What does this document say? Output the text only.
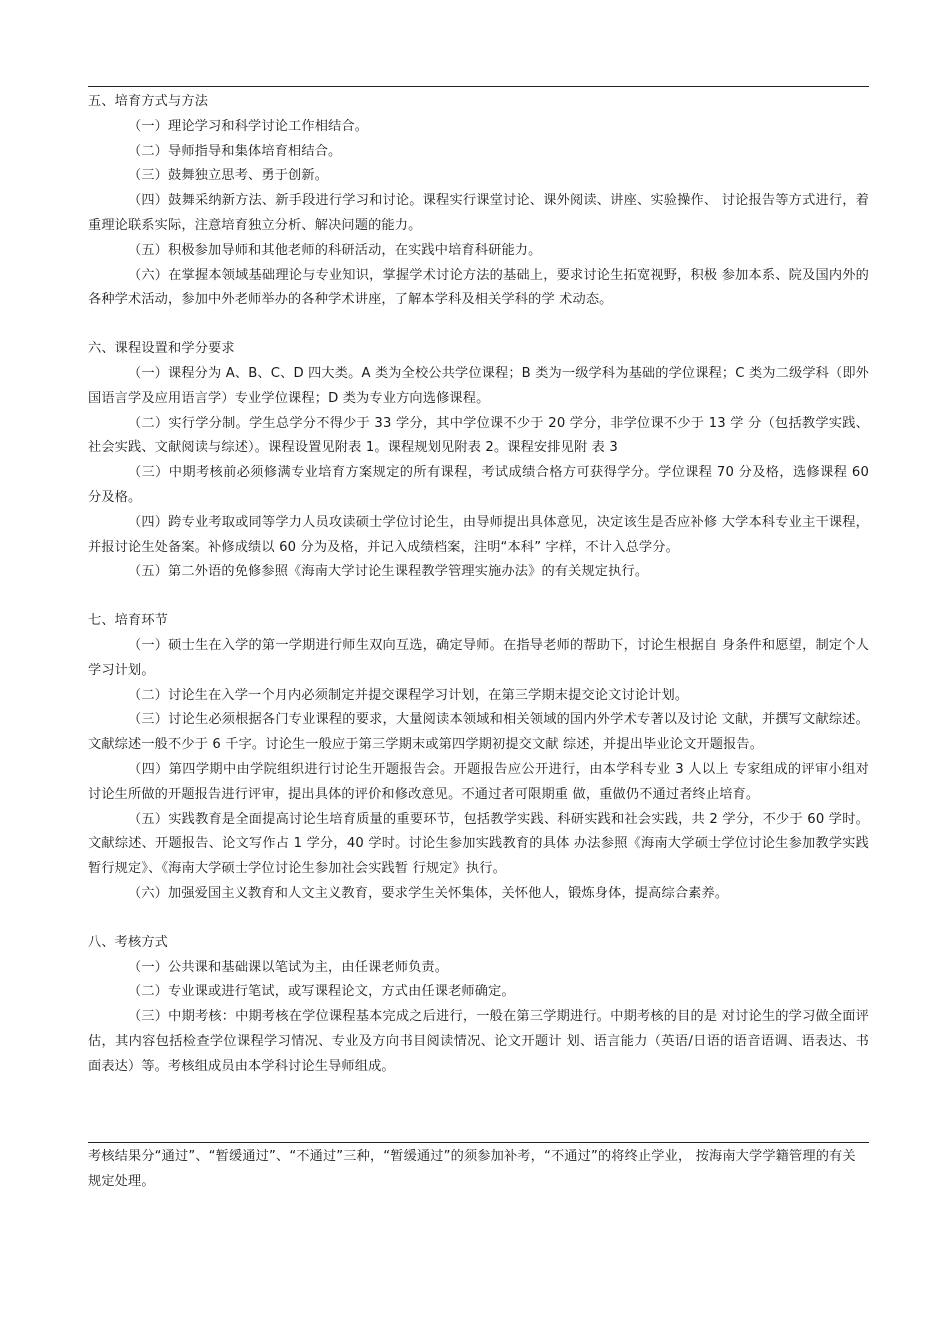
五、培育方式与方法

（一）理论学习和科学讨论工作相结合。

（二）导师指导和集体培育相结合。

（三）鼓舞独立思考、勇于创新。

（四）鼓舞采纳新方法、新手段进行学习和讨论。课程实行课堂讨论、课外阅读、讲座、实验操作、 讨论报告等方式进行，着重理论联系实际，注意培育独立分析、解决问题的能力。

（五）积极参加导师和其他老师的科研活动，在实践中培育科研能力。

（六）在掌握本领域基础理论与专业知识，掌握学术讨论方法的基础上，要求讨论生拓宽视野，积极 参加本系、院及国内外的各种学术活动，参加中外老师举办的各种学术讲座，了解本学科及相关学科的学 术动态。

六、课程设置和学分要求

（一）课程分为 A、B、C、D 四大类。A 类为全校公共学位课程；B 类为一级学科为基础的学位课程；C 类为二级学科（即外国语言学及应用语言学）专业学位课程；D 类为专业方向选修课程。

（二）实行学分制。学生总学分不得少于 33 学分，其中学位课不少于 20 学分，非学位课不少于 13 学 分（包括教学实践、社会实践、文献阅读与综述）。课程设置见附表 1。课程规划见附表 2。课程安排见附 表 3

（三）中期考核前必须修满专业培育方案规定的所有课程，考试成绩合格方可获得学分。学位课程 70 分及格，选修课程 60 分及格。

（四）跨专业考取或同等学力人员攻读硕士学位讨论生，由导师提出具体意见，决定该生是否应补修 大学本科专业主干课程，并报讨论生处备案。补修成绩以 60 分为及格，并记入成绩档案，注明“本科” 字样，不计入总学分。

（五）第二外语的免修参照《海南大学讨论生课程教学管理实施办法》的有关规定执行。

七、培育环节

（一）硕士生在入学的第一学期进行师生双向互选，确定导师。在指导老师的帮助下，讨论生根据自 身条件和愿望，制定个人学习计划。

（二）讨论生在入学一个月内必须制定并提交课程学习计划，在第三学期末提交论文讨论计划。

（三）讨论生必须根据各门专业课程的要求，大量阅读本领域和相关领域的国内外学术专著以及讨论 文献，并撰写文献综述。文献综述一般不少于 6 千字。讨论生一般应于第三学期末或第四学期初提交文献 综述，并提出毕业论文开题报告。

（四）第四学期中由学院组织进行讨论生开题报告会。开题报告应公开进行，由本学科专业 3 人以上 专家组成的评审小组对讨论生所做的开题报告进行评审，提出具体的评价和修改意见。不通过者可限期重 做，重做仍不通过者终止培育。

（五）实践教育是全面提高讨论生培育质量的重要环节，包括教学实践、科研实践和社会实践，共 2 学分，不少于 60 学时。文献综述、开题报告、论文写作占 1 学分，40 学时。讨论生参加实践教育的具体 办法参照《海南大学硕士学位讨论生参加教学实践暂行规定》、《海南大学硕士学位讨论生参加社会实践暂 行规定》执行。

（六）加强爱国主义教育和人文主义教育，要求学生关怀集体，关怀他人，锻炼身体，提高综合素养。

八、考核方式

（一）公共课和基础课以笔试为主，由任课老师负责。

（二）专业课或进行笔试，或写课程论文，方式由任课老师确定。

（三）中期考核：中期考核在学位课程基本完成之后进行，一般在第三学期进行。中期考核的目的是 对讨论生的学习做全面评估，其内容包括检查学位课程学习情况、专业及方向书目阅读情况、论文开题计 划、语言能力（英语/日语的语音语调、语表达、书面表达）等。考核组成员由本学科讨论生导师组成。

考核结果分“通过”、“暂缓通过”、“不通过”三种，“暂缓通过”的须参加补考，“不通过”的将终止学业， 按海南大学学籍管理的有关规定处理。
